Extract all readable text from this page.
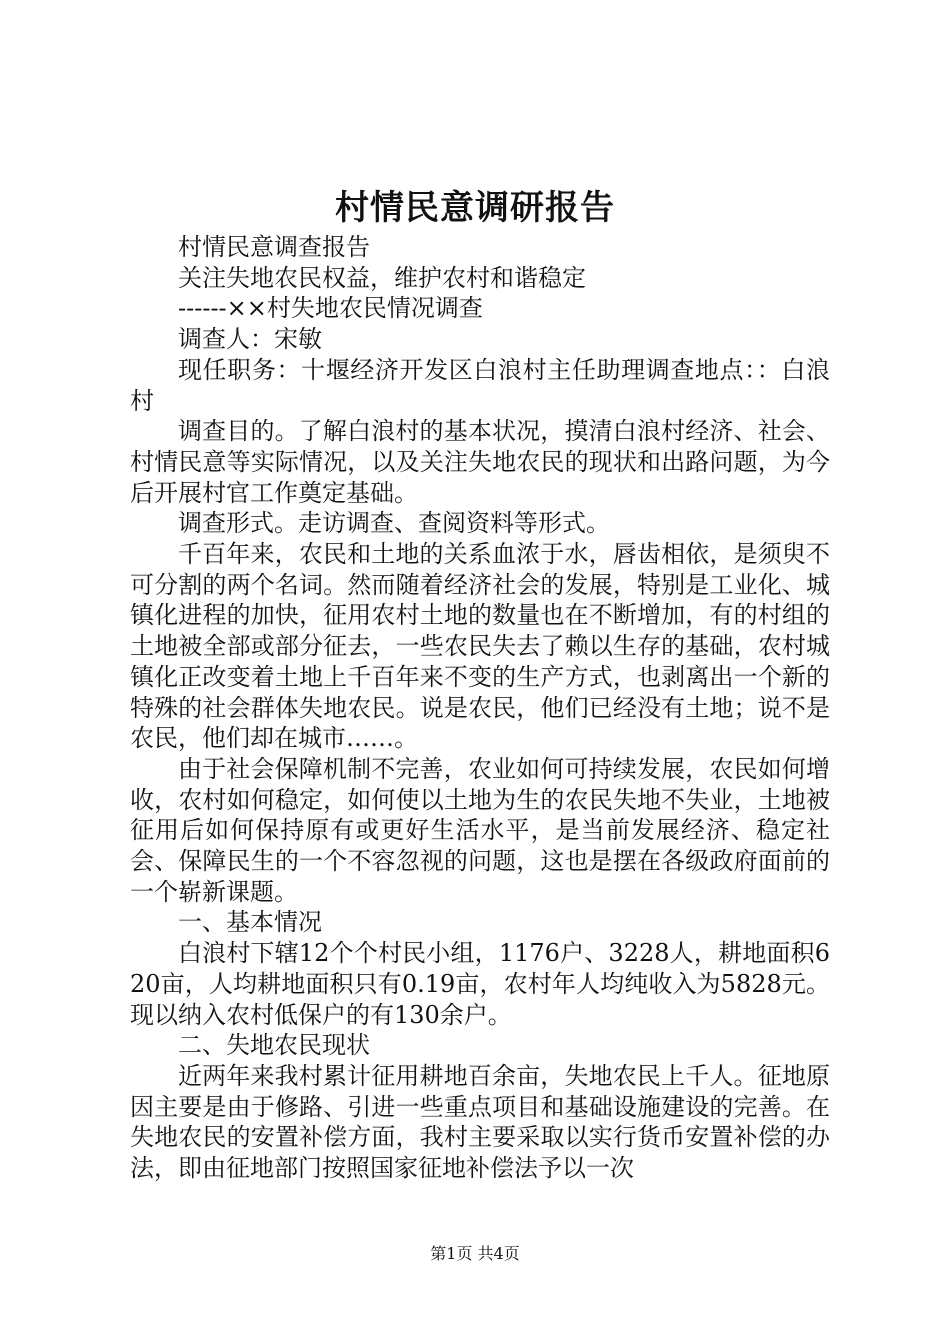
村情民意调研报告

村情民意调查报告

关注失地农民权益，维护农村和谐稳定

------××村失地农民情况调查

调查人：宋敏

现任职务：十堰经济开发区白浪村主任助理调查地点：：白浪村

调查目的。了解白浪村的基本状况，摸清白浪村经济、社会、村情民意等实际情况，以及关注失地农民的现状和出路问题，为今后开展村官工作奠定基础。

调查形式。走访调查、查阅资料等形式。

千百年来，农民和土地的关系血浓于水，唇齿相依，是须臾不可分割的两个名词。然而随着经济社会的发展，特别是工业化、城镇化进程的加快，征用农村土地的数量也在不断增加，有的村组的土地被全部或部分征去，一些农民失去了赖以生存的基础，农村城镇化正改变着土地上千百年来不变的生产方式，也剥离出一个新的特殊的社会群体失地农民。说是农民，他们已经没有土地；说不是农民，他们却在城市……。

由于社会保障机制不完善，农业如何可持续发展，农民如何增收，农村如何稳定，如何使以土地为生的农民失地不失业，土地被征用后如何保持原有或更好生活水平，是当前发展经济、稳定社会、保障民生的一个不容忽视的问题，这也是摆在各级政府面前的一个崭新课题。

一、基本情况

白浪村下辖12个个村民小组，1176户、3228人，耕地面积620亩，人均耕地面积只有0.19亩，农村年人均纯收入为5828元。现以纳入农村低保户的有130余户。

二、失地农民现状

近两年来我村累计征用耕地百余亩，失地农民上千人。征地原因主要是由于修路、引进一些重点项目和基础设施建设的完善。在失地农民的安置补偿方面，我村主要采取以实行货币安置补偿的办法，即由征地部门按照国家征地补偿法予以一次

第1页 共4页
